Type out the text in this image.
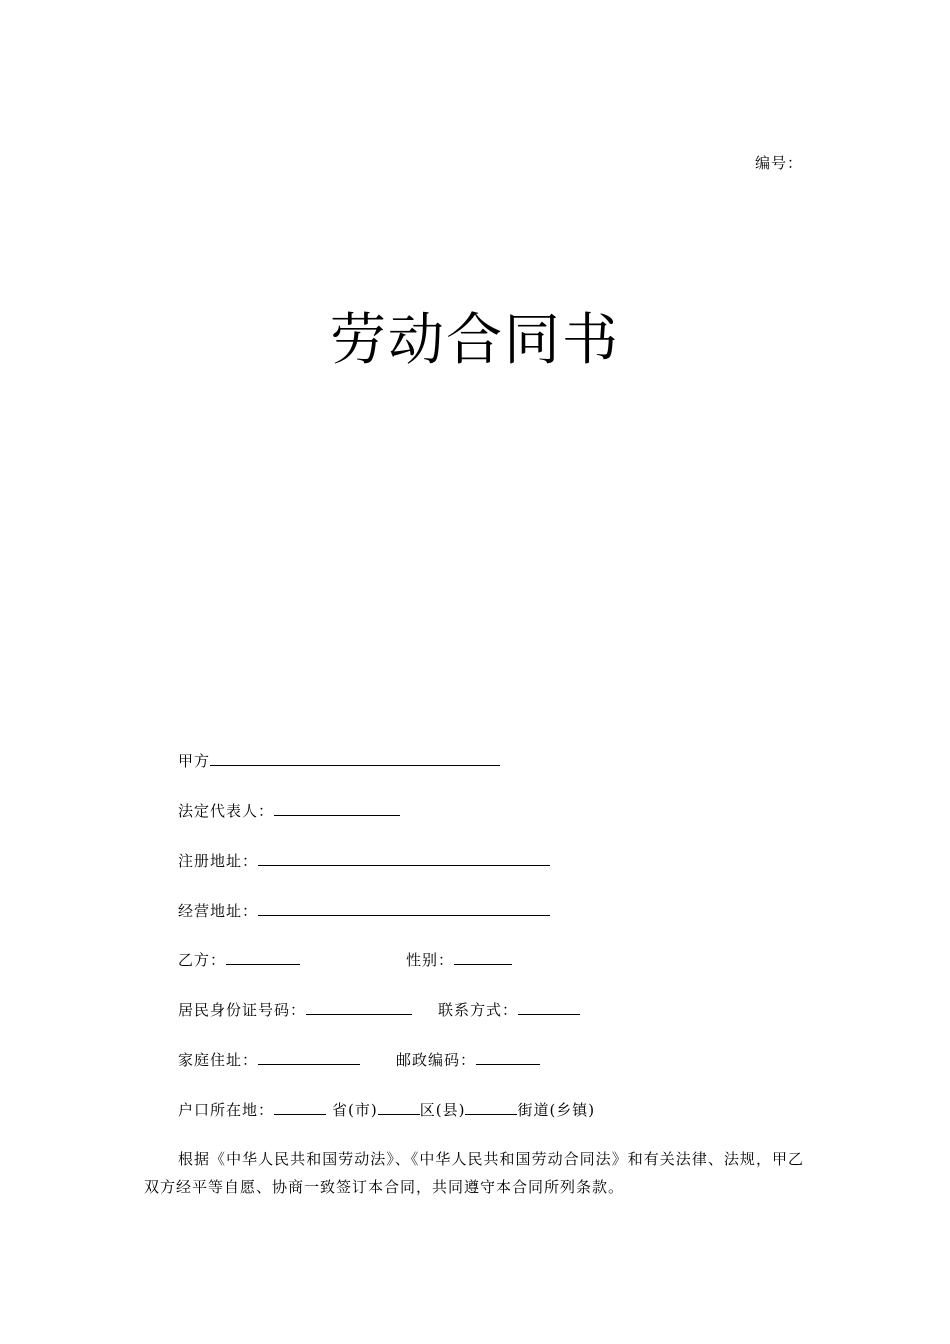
编号：
劳动合同书
甲方
法定代表人：
注册地址：
经营地址：
乙方：	性别：
居民身份证号码：	联系方式：
家庭住址：	邮政编码：
户口所在地：	省(市)	区(县)	街道(乡镇)
根据《中华人民共和国劳动法》、《中华人民共和国劳动合同法》和有关法律、法规，甲乙双方经平等自愿、协商一致签订本合同，共同遵守本合同所列条款。
